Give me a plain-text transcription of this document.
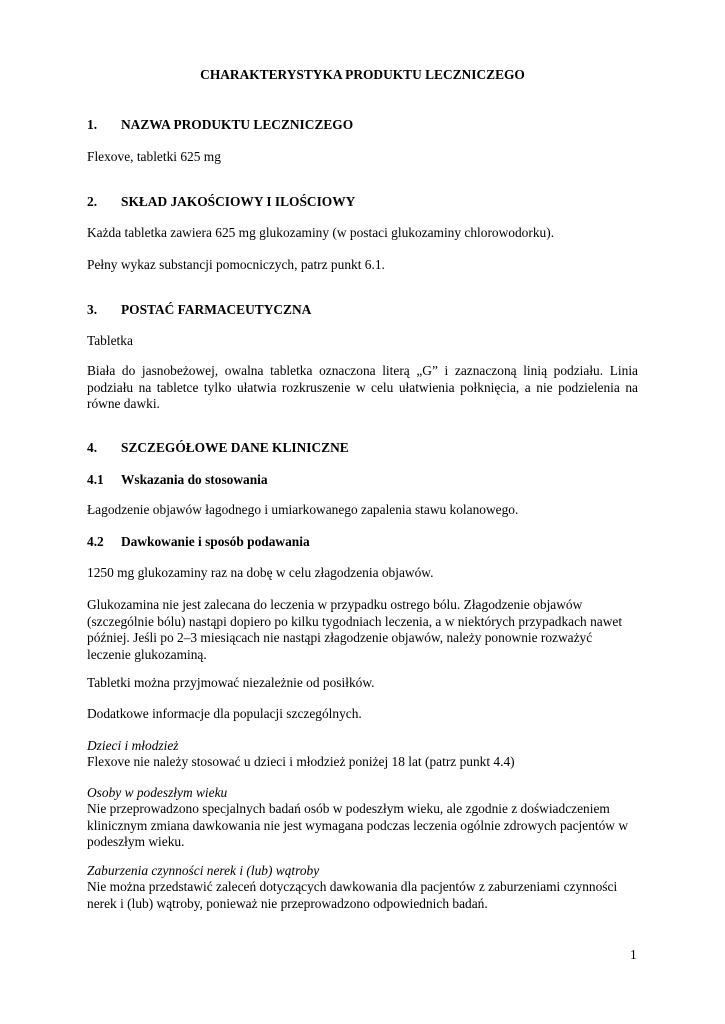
CHARAKTERYSTYKA PRODUKTU LECZNICZEGO
1. NAZWA PRODUKTU LECZNICZEGO
Flexove, tabletki 625 mg
2. SKŁAD JAKOŚCIOWY I ILOŚCIOWY
Każda tabletka zawiera 625 mg glukozaminy (w postaci glukozaminy chlorowodorku).
Pełny wykaz substancji pomocniczych, patrz punkt 6.1.
3. POSTAĆ FARMACEUTYCZNA
Tabletka
Biała do jasnobeżowej, owalna tabletka oznaczona literą „G” i zaznaczoną linią podziału. Linia
podziału na tabletce tylko ułatwia rozkruszenie w celu ułatwienia połknięcia, a nie podzielenia na
równe dawki.
4. SZCZEGÓŁOWE DANE KLINICZNE
4.1 Wskazania do stosowania
Łagodzenie objawów łagodnego i umiarkowanego zapalenia stawu kolanowego.
4.2 Dawkowanie i sposób podawania
1250 mg glukozaminy raz na dobę w celu złagodzenia objawów.
Glukozamina nie jest zalecana do leczenia w przypadku ostrego bólu. Złagodzenie objawów
(szczególnie bólu) nastąpi dopiero po kilku tygodniach leczenia, a w niektórych przypadkach nawet
później. Jeśli po 2–3 miesiącach nie nastąpi złagodzenie objawów, należy ponownie rozważyć
leczenie glukozaminą.
Tabletki można przyjmować niezależnie od posiłków.
Dodatkowe informacje dla populacji szczególnych.
Dzieci i młodzież
Flexove nie należy stosować u dzieci i młodzież poniżej 18 lat (patrz punkt 4.4)
Osoby w podeszłym wieku
Nie przeprowadzono specjalnych badań osób w podeszłym wieku, ale zgodnie z doświadczeniem
klinicznym zmiana dawkowania nie jest wymagana podczas leczenia ogólnie zdrowych pacjentów w
podeszłym wieku.
Zaburzenia czynności nerek i (lub) wątroby
Nie można przedstawić zaleceń dotyczących dawkowania dla pacjentów z zaburzeniami czynności
nerek i (lub) wątroby, ponieważ nie przeprowadzono odpowiednich badań.
1
